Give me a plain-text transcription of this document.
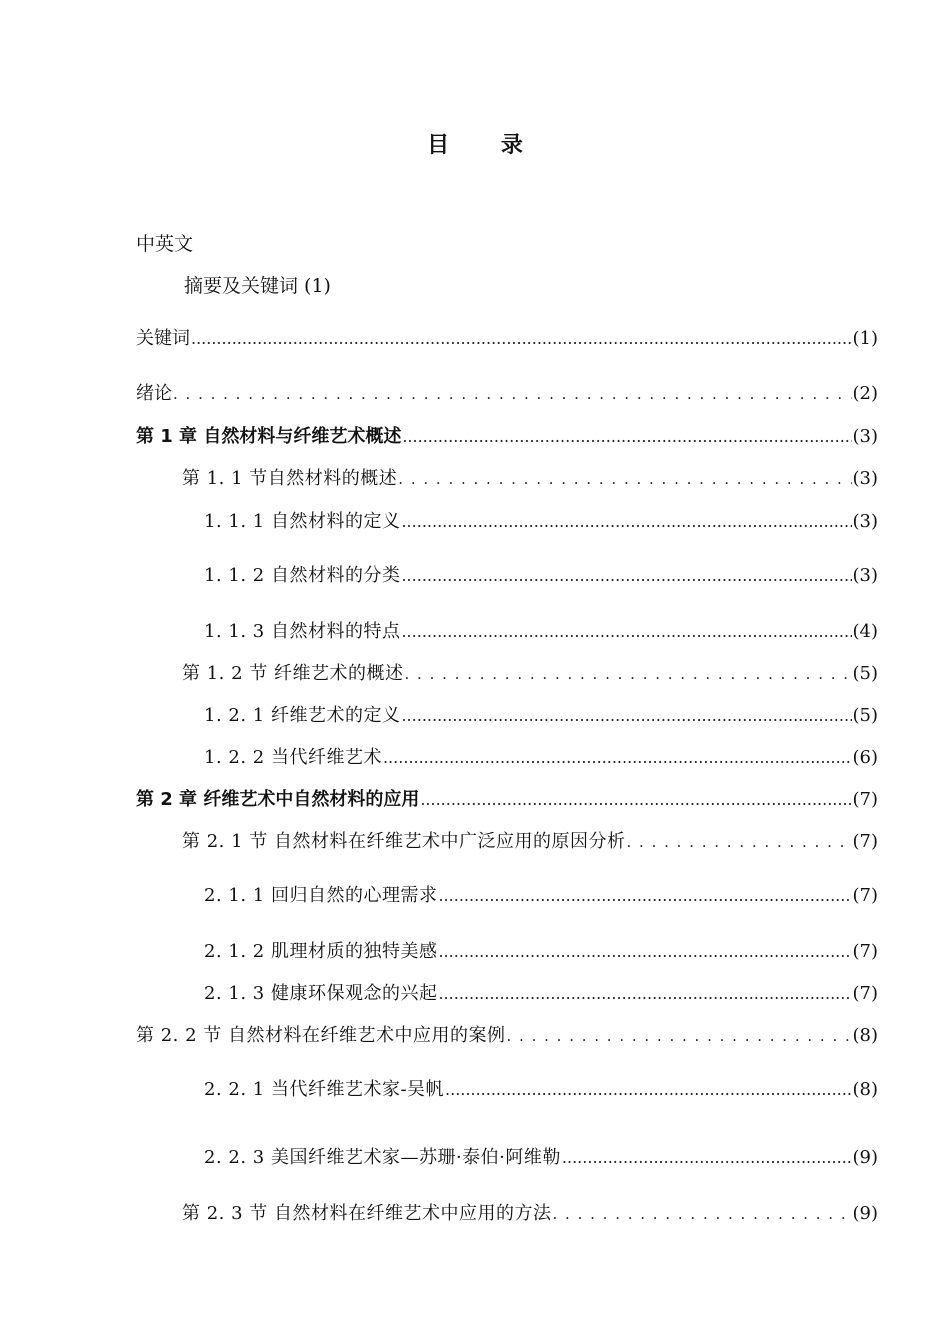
目 录
中英文
摘要及关键词 (1)
关键词 .....	(1)
绪论 . . .	(2)
第 1 章 自然材料与纤维艺术概述 .....	(3)
第 1. 1 节自然材料的概述 . . .	(3)
1. 1. 1 自然材料的定义 .....	(3)
1. 1. 2 自然材料的分类 .....	(3)
1. 1. 3 自然材料的特点 .....	(4)
第 1. 2 节 纤维艺术的概述 . . .	(5)
1. 2. 1 纤维艺术的定义 .....	(5)
1. 2. 2 当代纤维艺术 .....	(6)
第 2 章 纤维艺术中自然材料的应用 .....	(7)
第 2. 1 节 自然材料在纤维艺术中广泛应用的原因分析 . . .	(7)
2. 1. 1 回归自然的心理需求 .....	(7)
2. 1. 2 肌理材质的独特美感 .....	(7)
2. 1. 3 健康环保观念的兴起 .....	(7)
第 2. 2 节 自然材料在纤维艺术中应用的案例 . . .	(8)
2. 2. 1 当代纤维艺术家-吴帆 .....	(8)
2. 2. 3 美国纤维艺术家—苏珊·泰伯·阿维勒 .....	(9)
第 2. 3 节 自然材料在纤维艺术中应用的方法 . . .	(9)
